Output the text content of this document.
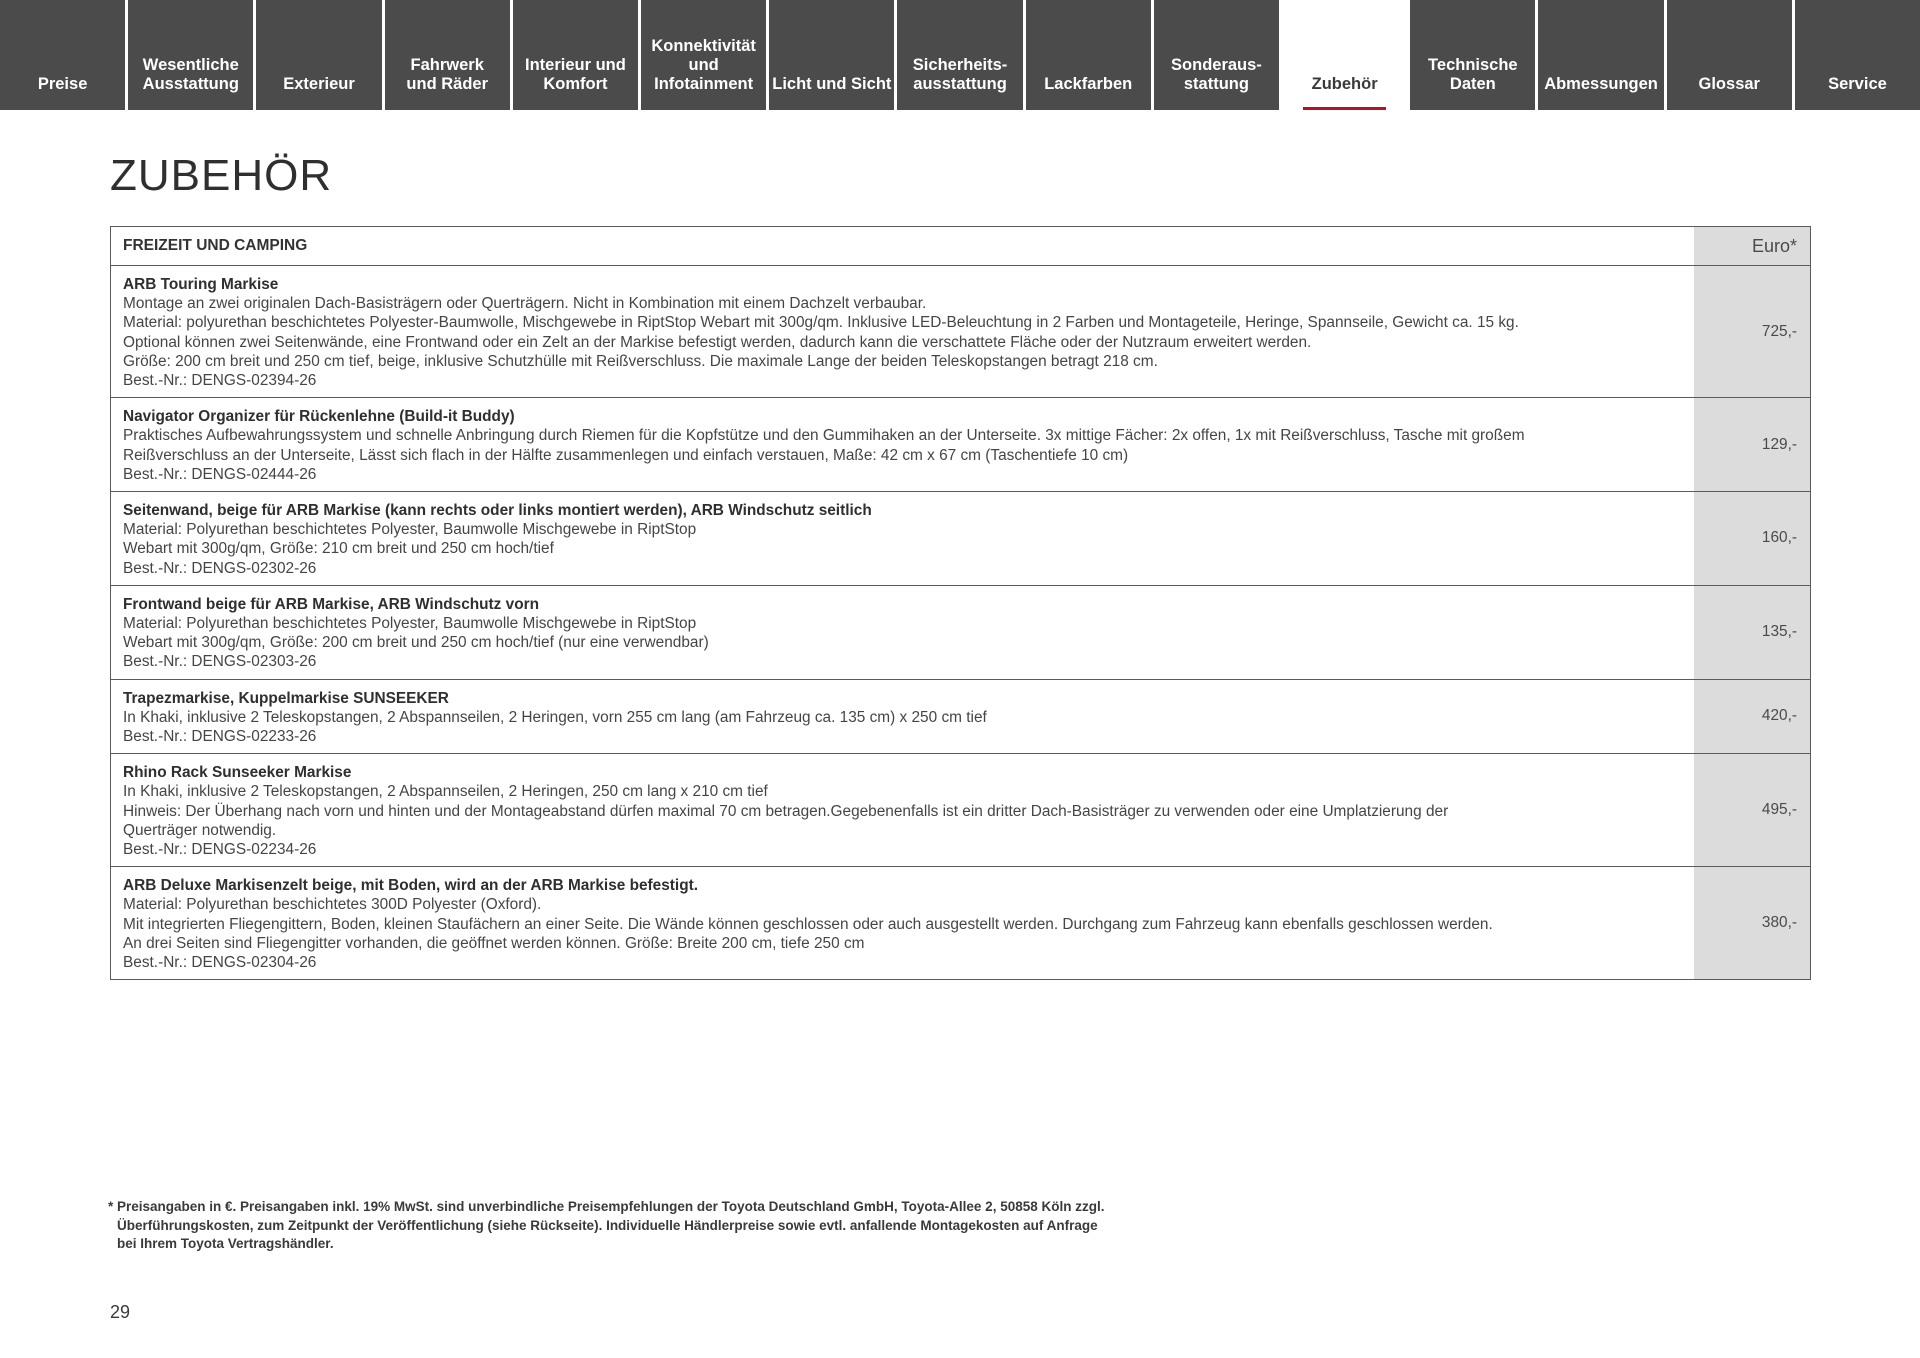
Preise
Wesentliche
Ausstattung	Exterieur
Fahrwerk
und Räder
Interieur und
Komfort
Konnektivität
und
Infotainment	Licht und Sicht
Sicherheits-
ausstattung	Lackfarben
Sonderaus-
stattung	Zubehör
Technische
Daten	Abmessungen	Glossar	Service
ZUBEHÖR
FREIZEIT UND CAMPING	Euro*
ARB Touring Markise
Montage an zwei originalen Dach-Basisträgern oder Querträgern. Nicht in Kombination mit einem Dachzelt verbaubar.
Material: polyurethan beschichtetes Polyester-Baumwolle, Mischgewebe in RiptStop Webart mit 300g/qm. Inklusive LED-Beleuchtung in 2 Farben und Montageteile, Heringe, Spannseile, Gewicht ca. 15 kg.
Optional können zwei Seitenwände, eine Frontwand oder ein Zelt an der Markise befestigt werden, dadurch kann die verschattete Fläche oder der Nutzraum erweitert werden.
Größe: 200 cm breit und 250 cm tief, beige, inklusive Schutzhülle mit Reißverschluss. Die maximale Lange der beiden Teleskopstangen betragt 218 cm.
Best.-Nr.: DENGS-02394-26
725,-
Navigator Organizer für Rückenlehne (Build-it Buddy)
Praktisches Aufbewahrungssystem und schnelle Anbringung durch Riemen für die Kopfstütze und den Gummihaken an der Unterseite. 3x mittige Fächer: 2x offen, 1x mit Reißverschluss, Tasche mit großem
Reißverschluss an der Unterseite, Lässt sich flach in der Hälfte zusammenlegen und einfach verstauen, Maße: 42 cm x 67 cm (Taschentiefe 10 cm)
Best.-Nr.: DENGS-02444-26
129,-
Seitenwand, beige für ARB Markise (kann rechts oder links montiert werden), ARB Windschutz seitlich
Material: Polyurethan beschichtetes Polyester, Baumwolle Mischgewebe in RiptStop
Webart mit 300g/qm, Größe: 210 cm breit und 250 cm hoch/tief
Best.-Nr.: DENGS-02302-26
160,-
Frontwand beige für ARB Markise, ARB Windschutz vorn
Material: Polyurethan beschichtetes Polyester, Baumwolle Mischgewebe in RiptStop
Webart mit 300g/qm, Größe: 200 cm breit und 250 cm hoch/tief (nur eine verwendbar)
Best.-Nr.: DENGS-02303-26
135,-
Trapezmarkise, Kuppelmarkise SUNSEEKER
In Khaki, inklusive 2 Teleskopstangen, 2 Abspannseilen, 2 Heringen, vorn 255 cm lang (am Fahrzeug ca. 135 cm) x 250 cm tief
Best.-Nr.: DENGS-02233-26
420,-
Rhino Rack Sunseeker Markise
In Khaki, inklusive 2 Teleskopstangen, 2 Abspannseilen, 2 Heringen, 250 cm lang x 210 cm tief
Hinweis: Der Überhang nach vorn und hinten und der Montageabstand dürfen maximal 70 cm betragen.Gegebenenfalls ist ein dritter Dach-Basisträger zu verwenden oder eine Umplatzierung der
Querträger notwendig.
Best.-Nr.: DENGS-02234-26
495,-
ARB Deluxe Markisenzelt beige, mit Boden, wird an der ARB Markise befestigt.
Material: Polyurethan beschichtetes 300D Polyester (Oxford).
Mit integrierten Fliegengittern, Boden, kleinen Staufächern an einer Seite. Die Wände können geschlossen oder auch ausgestellt werden. Durchgang zum Fahrzeug kann ebenfalls geschlossen werden.
An drei Seiten sind Fliegengitter vorhanden, die geöffnet werden können. Größe: Breite 200 cm, tiefe 250 cm
Best.-Nr.: DENGS-02304-26
380,-
* Preisangaben in €. Preisangaben inkl. 19% MwSt. sind unverbindliche Preisempfehlungen der Toyota Deutschland GmbH, Toyota-Allee 2, 50858 Köln zzgl.
Überführungskosten, zum Zeitpunkt der Veröffentlichung (siehe Rückseite). Individuelle Händlerpreise sowie evtl. anfallende Montagekosten auf Anfrage
bei Ihrem Toyota Vertragshändler.
29
